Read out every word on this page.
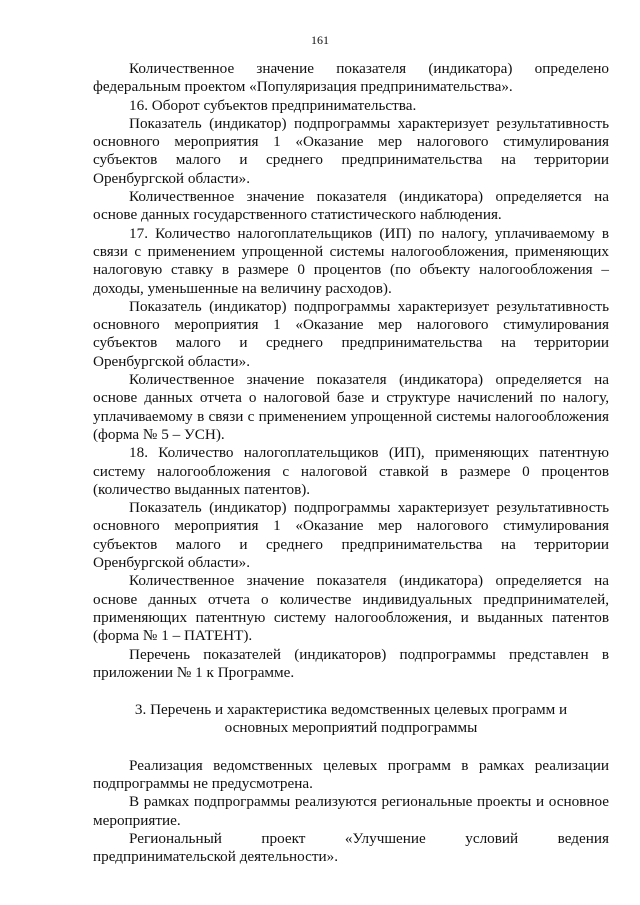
161

Количественное значение показателя (индикатора) определено федеральным проектом «Популяризация предпринимательства».

16. Оборот субъектов предпринимательства.

Показатель (индикатор) подпрограммы характеризует результативность основного мероприятия 1 «Оказание мер налогового стимулирования субъектов малого и среднего предпринимательства на территории Оренбургской области».

Количественное значение показателя (индикатора) определяется на основе данных государственного статистического наблюдения.

17. Количество налогоплательщиков (ИП) по налогу, уплачиваемому в связи с применением упрощенной системы налогообложения, применяющих налоговую ставку в размере 0 процентов (по объекту налогообложения – доходы, уменьшенные на величину расходов).

Показатель (индикатор) подпрограммы характеризует результативность основного мероприятия 1 «Оказание мер налогового стимулирования субъектов малого и среднего предпринимательства на территории Оренбургской области».

Количественное значение показателя (индикатора) определяется на основе данных отчета о налоговой базе и структуре начислений по налогу, уплачиваемому в связи с применением упрощенной системы налогообложения (форма № 5 – УСН).

18. Количество налогоплательщиков (ИП), применяющих патентную систему налогообложения с налоговой ставкой в размере 0 процентов (количество выданных патентов).

Показатель (индикатор) подпрограммы характеризует результативность основного мероприятия 1 «Оказание мер налогового стимулирования субъектов малого и среднего предпринимательства на территории Оренбургской области».

Количественное значение показателя (индикатора) определяется на основе данных отчета о количестве индивидуальных предпринимателей, применяющих патентную систему налогообложения, и выданных патентов (форма № 1 – ПАТЕНТ).

Перечень показателей (индикаторов) подпрограммы представлен в приложении № 1 к Программе.

3. Перечень и характеристика ведомственных целевых программ и основных мероприятий подпрограммы

Реализация ведомственных целевых программ в рамках реализации подпрограммы не предусмотрена.

В рамках подпрограммы реализуются региональные проекты и основное мероприятие.

Региональный проект «Улучшение условий ведения предпринимательской деятельности».
